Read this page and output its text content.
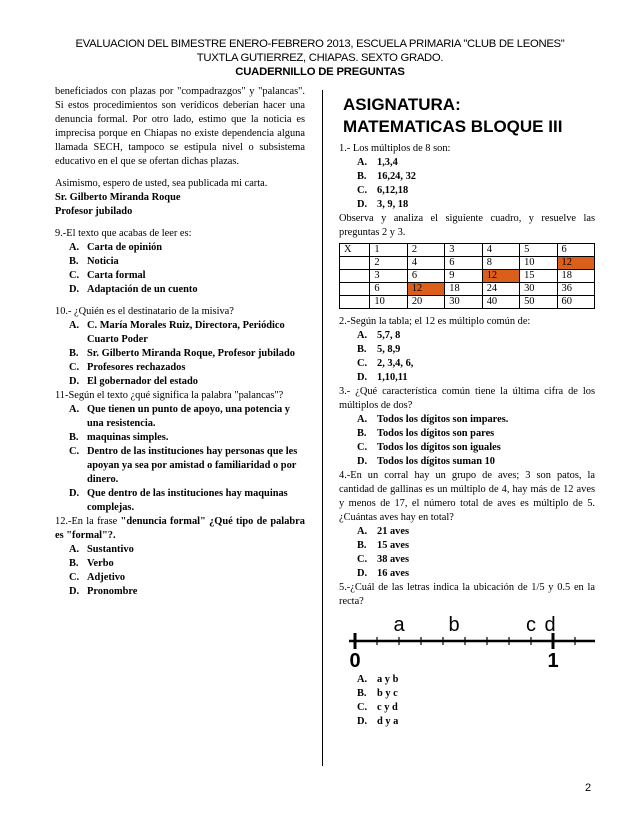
EVALUACION DEL BIMESTRE ENERO-FEBRERO 2013, ESCUELA PRIMARIA "CLUB DE LEONES"
TUXTLA GUTIERREZ, CHIAPAS. SEXTO GRADO.
CUADERNILLO DE PREGUNTAS

beneficiados con plazas por "compadrazgos" y "palancas". Si estos procedimientos son verídicos deberían hacer una denuncia formal. Por otro lado, estimo que la noticia es imprecisa porque en Chiapas no existe dependencia alguna llamada SECH, tampoco se estipula nivel o subsistema educativo en el que se ofertan dichas plazas.

Asimismo, espero de usted, sea publicada mi carta.

Sr. Gilberto Miranda Roque

Profesor jubilado

9.-El texto que acabas de leer es:

A. Carta de opinión
B. Noticia
C. Carta formal
D. Adaptación de un cuento

10.- ¿Quién es el destinatario de la misiva?

A. C. María Morales Ruiz, Directora, Periódico Cuarto Poder
B. Sr. Gilberto Miranda Roque, Profesor jubilado
C. Profesores rechazados
D. El gobernador del estado

11-Según el texto ¿qué significa la palabra "palancas"?

A. Que tienen un punto de apoyo, una potencia y una resistencia.
B. maquinas simples.
C. Dentro de las instituciones hay personas que les apoyan ya sea por amistad o familiaridad o por dinero.
D. Que dentro de las instituciones hay maquinas complejas.

12.-En la frase "denuncia formal" ¿Qué tipo de palabra es "formal"?.

A. Sustantivo
B. Verbo
C. Adjetivo
D. Pronombre
ASIGNATURA:
MATEMATICAS BLOQUE III

1.- Los múltiplos de 8 son:

A. 1,3,4
B.	16,24, 32
C. 6,12,18
D. 3, 9, 18

Observa y analiza el siguiente cuadro, y resuelve las preguntas 2 y 3.

X	1	2	3	4	5	6
	2	4	6	8	10	12
	3	6	9	12	15	18
	6	12	18	24	30	36
	10	20	30	40	50	60

2.-Según la tabla; el 12 es múltiplo común de:

A. 5,7, 8
B.	5, 8,9
C. 2, 3,4, 6,
D. 1,10,11

3.- ¿Qué característica común tiene la última cifra de los múltiplos de dos?

A. Todos los dígitos son impares.
B.	Todos los dígitos son pares
C. Todos los dígitos son iguales
D. Todos los dígitos suman 10

4.-En un corral hay un grupo de aves; 3 son patos, la cantidad de gallinas es un múltiplo de 4, hay más de 12 aves y menos de 17, el número total de aves es múltiplo de 5. ¿Cuántas aves hay en total?

A. 21 aves
B.	15 aves
C. 38 aves
D. 16 aves

5.-¿Cuál de las letras indica la ubicación de 1/5 y 0.5 en la recta?

a b	c d
0	1
A. a y b
B.	b y c
C. c y d
D. d y a
2
